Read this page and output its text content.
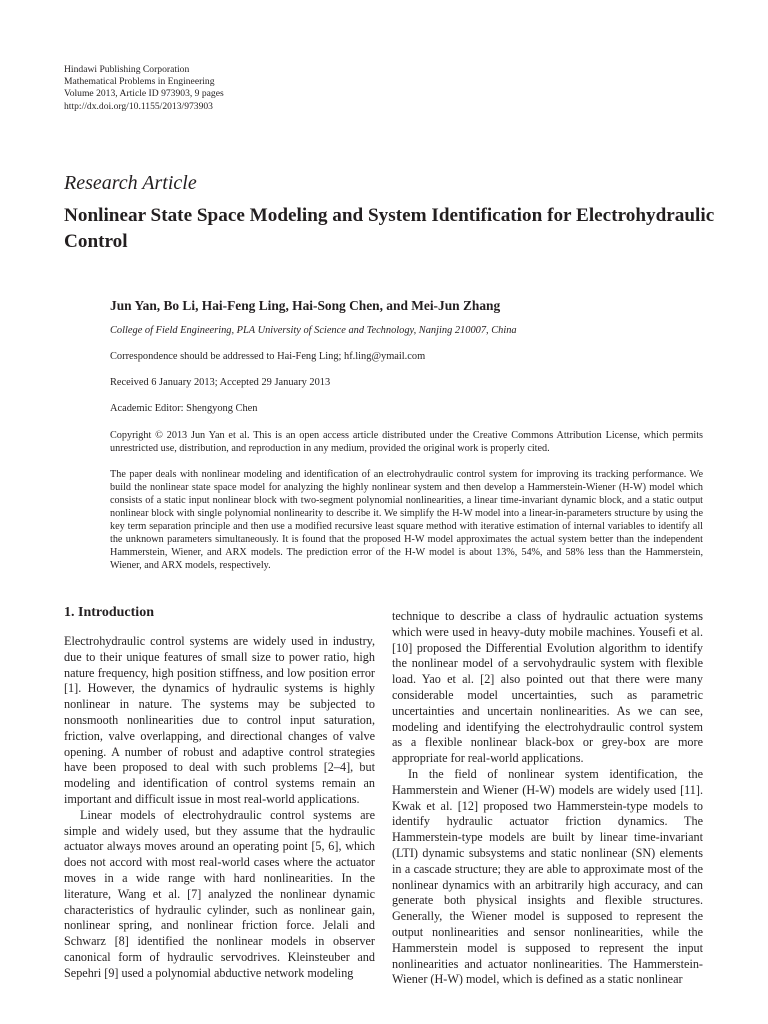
Hindawi Publishing Corporation
Mathematical Problems in Engineering
Volume 2013, Article ID 973903, 9 pages
http://dx.doi.org/10.1155/2013/973903
Research Article
Nonlinear State Space Modeling and System Identification for Electrohydraulic Control
Jun Yan, Bo Li, Hai-Feng Ling, Hai-Song Chen, and Mei-Jun Zhang
College of Field Engineering, PLA University of Science and Technology, Nanjing 210007, China
Correspondence should be addressed to Hai-Feng Ling; hf.ling@ymail.com
Received 6 January 2013; Accepted 29 January 2013
Academic Editor: Shengyong Chen
Copyright © 2013 Jun Yan et al. This is an open access article distributed under the Creative Commons Attribution License, which permits unrestricted use, distribution, and reproduction in any medium, provided the original work is properly cited.
The paper deals with nonlinear modeling and identification of an electrohydraulic control system for improving its tracking performance. We build the nonlinear state space model for analyzing the highly nonlinear system and then develop a Hammerstein-Wiener (H-W) model which consists of a static input nonlinear block with two-segment polynomial nonlinearities, a linear time-invariant dynamic block, and a static output nonlinear block with single polynomial nonlinearity to describe it. We simplify the H-W model into a linear-in-parameters structure by using the key term separation principle and then use a modified recursive least square method with iterative estimation of internal variables to identify all the unknown parameters simultaneously. It is found that the proposed H-W model approximates the actual system better than the independent Hammerstein, Wiener, and ARX models. The prediction error of the H-W model is about 13%, 54%, and 58% less than the Hammerstein, Wiener, and ARX models, respectively.
1. Introduction

Electrohydraulic control systems are widely used in industry, due to their unique features of small size to power ratio, high nature frequency, high position stiffness, and low position error [1]. However, the dynamics of hydraulic systems is highly nonlinear in nature. The systems may be subjected to nonsmooth nonlinearities due to control input saturation, friction, valve overlapping, and directional changes of valve opening. A number of robust and adaptive control strategies have been proposed to deal with such problems [2–4], but modeling and identification of control systems remain an important and difficult issue in most real-world applications.

Linear models of electrohydraulic control systems are simple and widely used, but they assume that the hydraulic actuator always moves around an operating point [5, 6], which does not accord with most real-world cases where the actuator moves in a wide range with hard nonlinearities. In the literature, Wang et al. [7] analyzed the nonlinear dynamic characteristics of hydraulic cylinder, such as nonlinear gain, nonlinear spring, and nonlinear friction force. Jelali and Schwarz [8] identified the nonlinear models in observer canonical form of hydraulic servodrives. Kleinsteuber and Sepehri [9] used a polynomial abductive network modeling

technique to describe a class of hydraulic actuation systems which were used in heavy-duty mobile machines. Yousefi et al. [10] proposed the Differential Evolution algorithm to identify the nonlinear model of a servohydraulic system with flexible load. Yao et al. [2] also pointed out that there were many considerable model uncertainties, such as parametric uncertainties and uncertain nonlinearities. As we can see, modeling and identifying the electrohydraulic control system as a flexible nonlinear black-box or grey-box are more appropriate for real-world applications.

In the field of nonlinear system identification, the Hammerstein and Wiener (H-W) models are widely used [11]. Kwak et al. [12] proposed two Hammerstein-type models to identify hydraulic actuator friction dynamics. The Hammerstein-type models are built by linear time-invariant (LTI) dynamic subsystems and static nonlinear (SN) elements in a cascade structure; they are able to approximate most of the nonlinear dynamics with an arbitrarily high accuracy, and can generate both physical insights and flexible structures. Generally, the Wiener model is supposed to represent the output nonlinearities and sensor nonlinearities, while the Hammerstein model is supposed to represent the input nonlinearities and actuator nonlinearities. The Hammerstein-Wiener (H-W) model, which is defined as a static nonlinear
